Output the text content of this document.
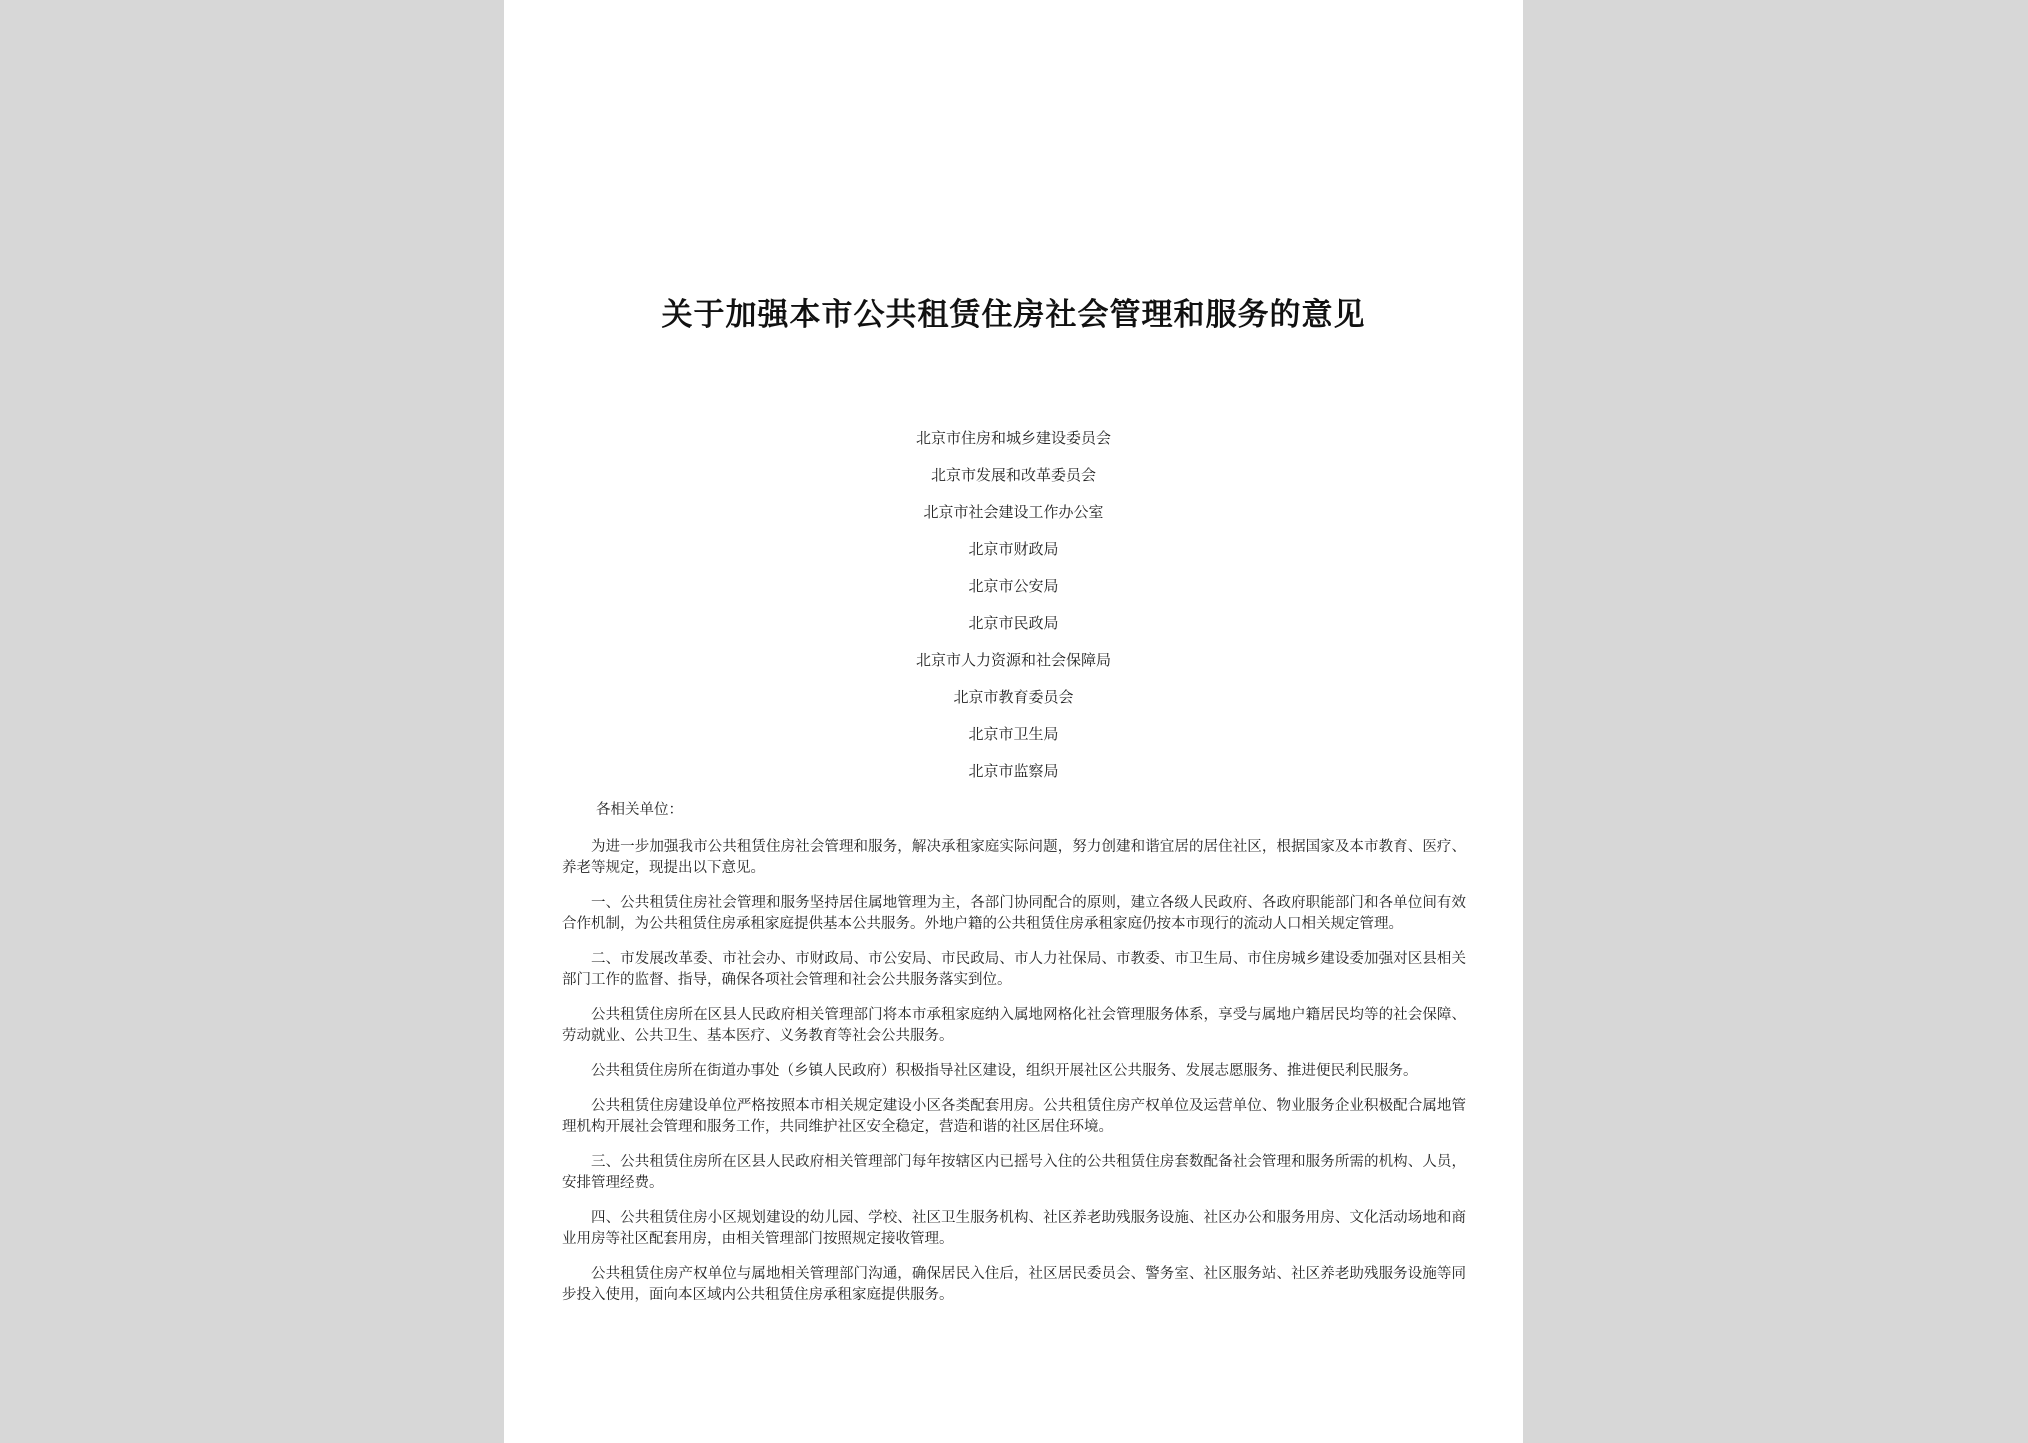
关于加强本市公共租赁住房社会管理和服务的意见
北京市住房和城乡建设委员会
北京市发展和改革委员会
北京市社会建设工作办公室
北京市财政局
北京市公安局
北京市民政局
北京市人力资源和社会保障局
北京市教育委员会
北京市卫生局
北京市监察局
各相关单位：

为进一步加强我市公共租赁住房社会管理和服务，解决承租家庭实际问题，努力创建和谐宜居的居住社区，根据国家及本市教育、医疗、养老等规定，现提出以下意见。

一、公共租赁住房社会管理和服务坚持居住属地管理为主，各部门协同配合的原则，建立各级人民政府、各政府职能部门和各单位间有效合作机制，为公共租赁住房承租家庭提供基本公共服务。外地户籍的公共租赁住房承租家庭仍按本市现行的流动人口相关规定管理。

二、市发展改革委、市社会办、市财政局、市公安局、市民政局、市人力社保局、市教委、市卫生局、市住房城乡建设委加强对区县相关部门工作的监督、指导，确保各项社会管理和社会公共服务落实到位。

公共租赁住房所在区县人民政府相关管理部门将本市承租家庭纳入属地网格化社会管理服务体系，享受与属地户籍居民均等的社会保障、劳动就业、公共卫生、基本医疗、义务教育等社会公共服务。

公共租赁住房所在街道办事处（乡镇人民政府）积极指导社区建设，组织开展社区公共服务、发展志愿服务、推进便民利民服务。

公共租赁住房建设单位严格按照本市相关规定建设小区各类配套用房。公共租赁住房产权单位及运营单位、物业服务企业积极配合属地管理机构开展社会管理和服务工作，共同维护社区安全稳定，营造和谐的社区居住环境。

三、公共租赁住房所在区县人民政府相关管理部门每年按辖区内已摇号入住的公共租赁住房套数配备社会管理和服务所需的机构、人员，安排管理经费。

四、公共租赁住房小区规划建设的幼儿园、学校、社区卫生服务机构、社区养老助残服务设施、社区办公和服务用房、文化活动场地和商业用房等社区配套用房，由相关管理部门按照规定接收管理。

公共租赁住房产权单位与属地相关管理部门沟通，确保居民入住后，社区居民委员会、警务室、社区服务站、社区养老助残服务设施等同步投入使用，面向本区域内公共租赁住房承租家庭提供服务。
